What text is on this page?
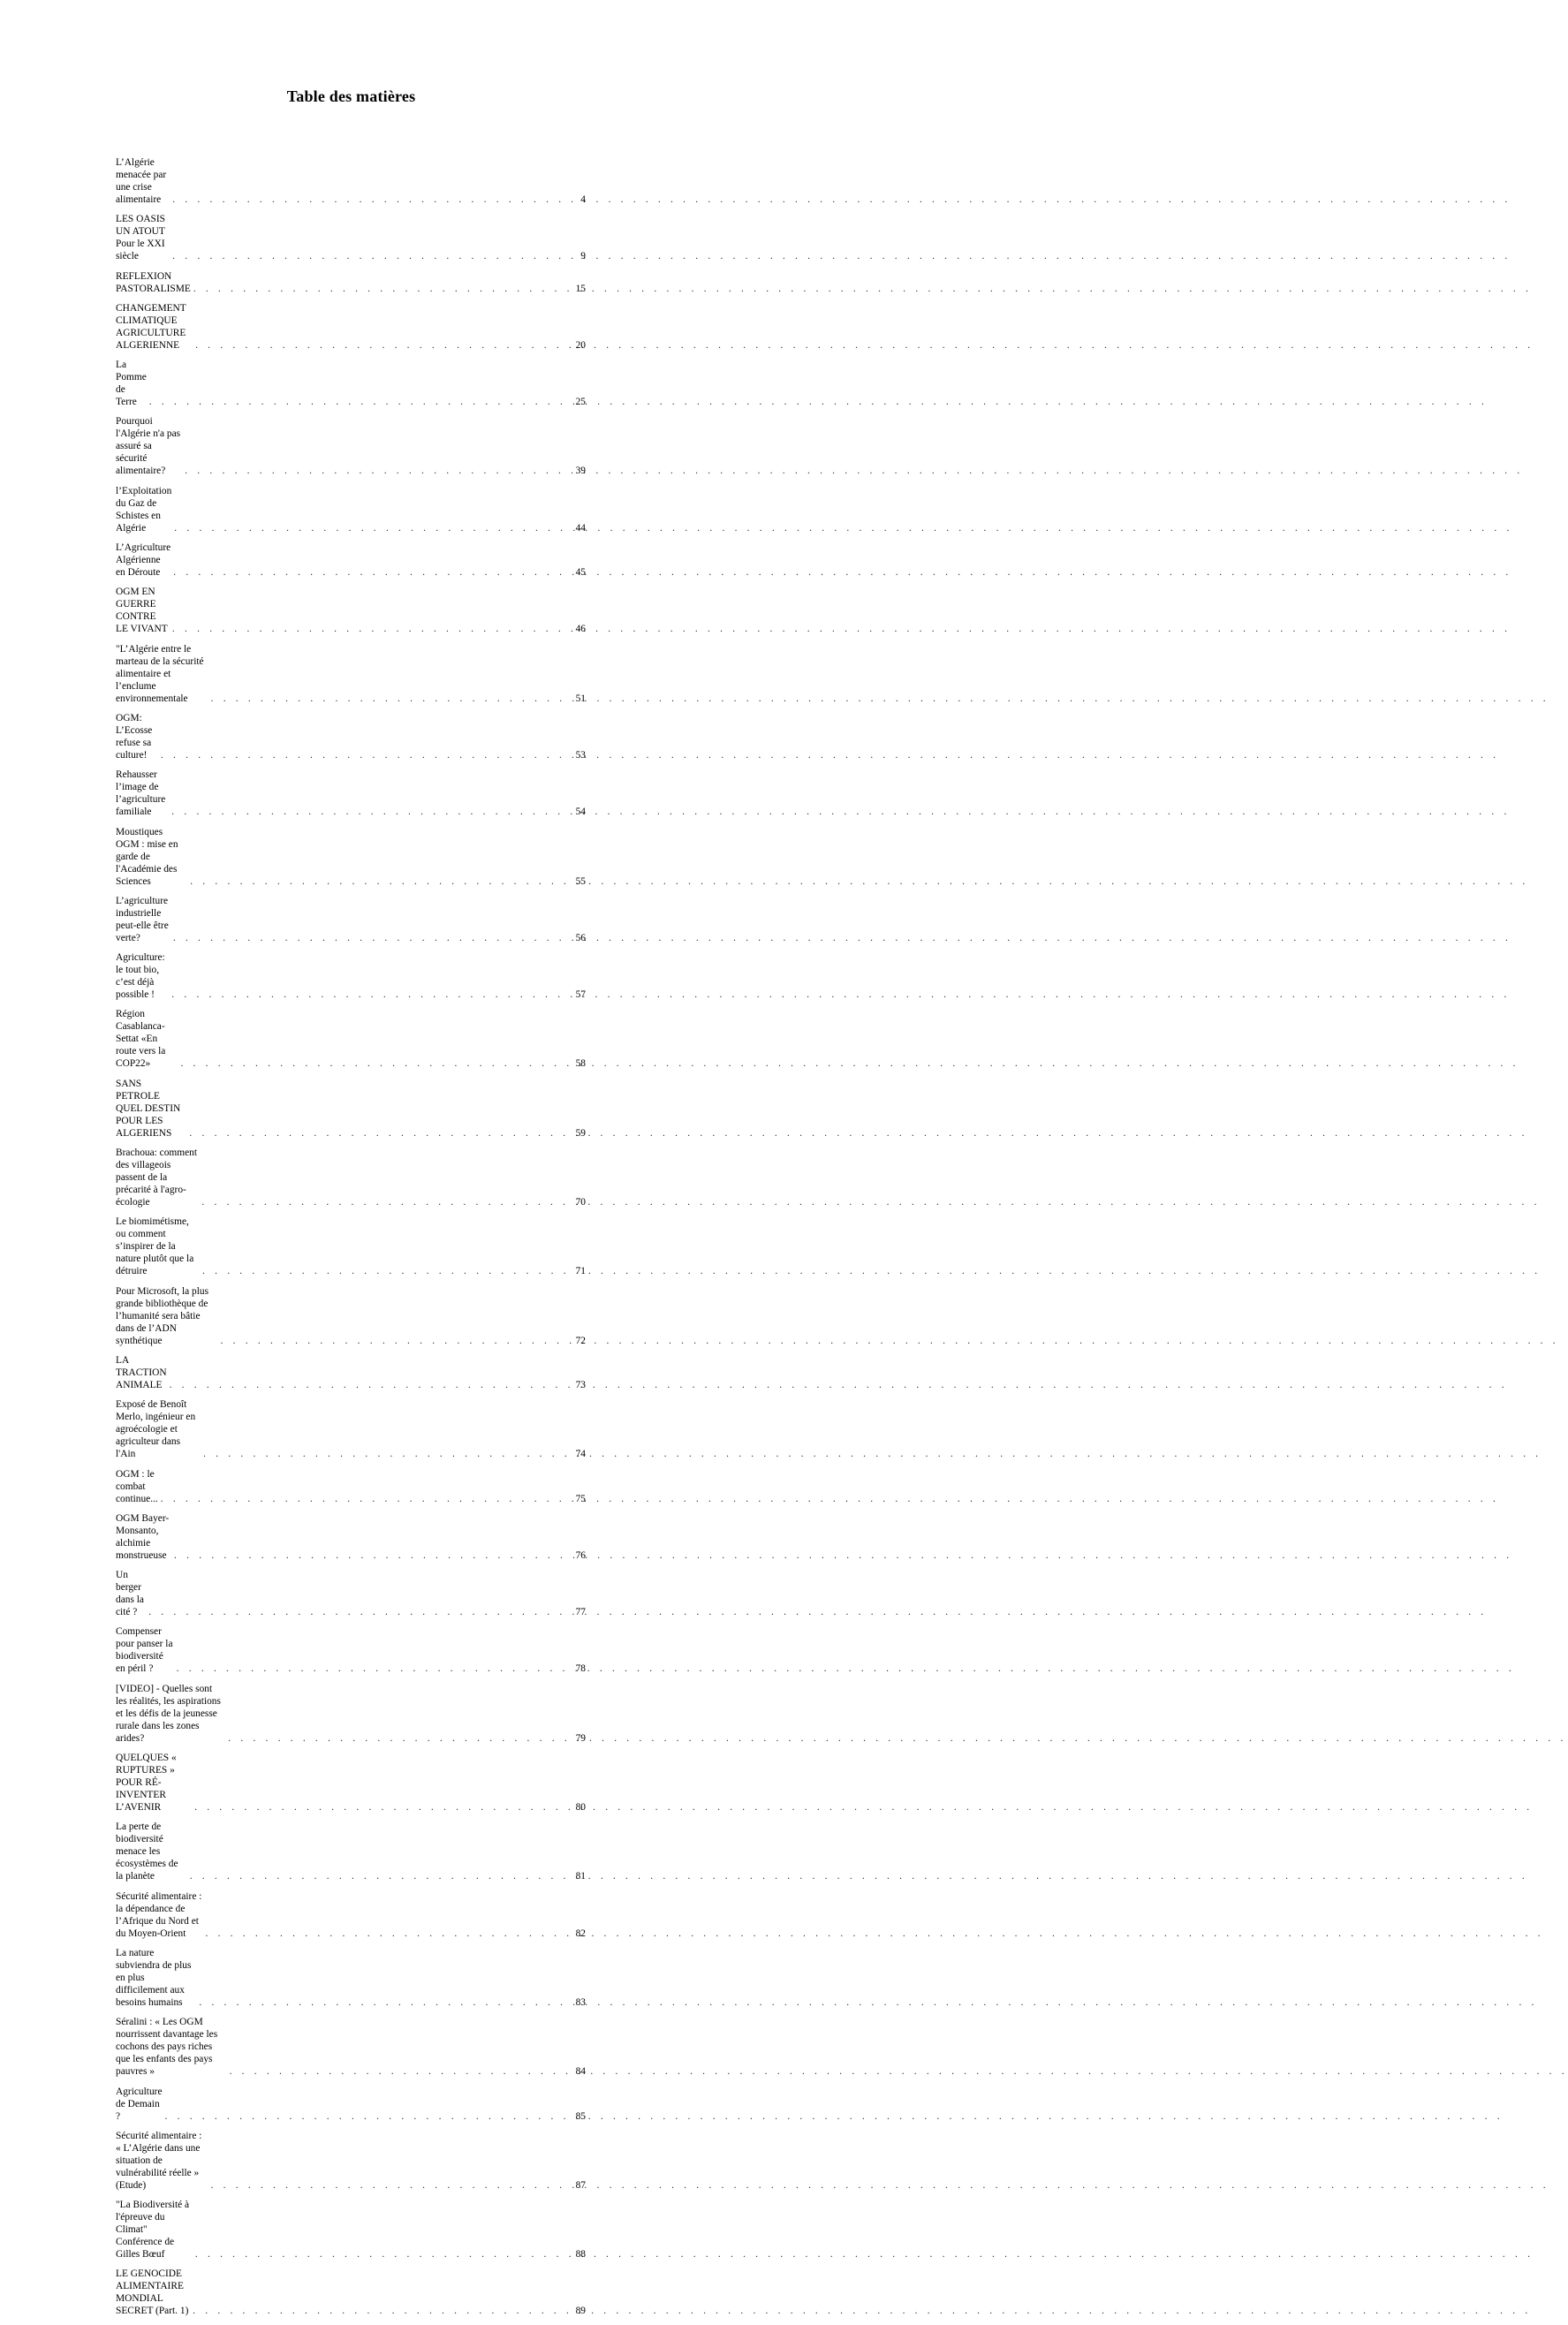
Table des matières
L’Algérie menacée par une crise alimentaire . . .	4
LES OASIS UN ATOUT Pour le XXI siècle . . .	9
REFLEXION PASTORALISME . . .	15
CHANGEMENT CLIMATIQUE AGRICULTURE ALGERIENNE . . .	20
La Pomme de Terre . . .	25
Pourquoi l'Algérie n'a pas assuré sa sécurité alimentaire? . . .	39
l’Exploitation du Gaz de Schistes en Algérie . . .	44
L’Agriculture Algérienne en Déroute . . .	45
OGM EN GUERRE CONTRE LE VIVANT . . .	46
"L’Algérie entre le marteau de la sécurité alimentaire et l’enclume environnementale . . .	51
OGM: L’Ecosse refuse sa culture! . . .	53
Rehausser l’image de l’agriculture familiale . . .	54
Moustiques OGM : mise en garde de l'Académie des Sciences . . .	55
L’agriculture industrielle peut-elle être verte? . . .	56
Agriculture: le tout bio, c’est déjà possible ! . . .	57
Région Casablanca-Settat «En route vers la COP22» . . .	58
SANS PETROLE QUEL DESTIN POUR LES ALGERIENS . . .	59
Brachoua: comment des villageois passent de la précarité à l'agro-écologie . . .	70
Le biomimétisme, ou comment s’inspirer de la nature plutôt que la détruire . . .	71
Pour Microsoft, la plus grande bibliothèque de l’humanité sera bâtie dans de l’ADN synthétique . . .	72
LA TRACTION ANIMALE . . .	73
Exposé de Benoît Merlo, ingénieur en agroécologie et agriculteur dans l'Ain . . .	74
OGM : le combat continue... . . .	75
OGM Bayer-Monsanto, alchimie monstrueuse . . .	76
Un berger dans la cité ? . . .	77
Compenser pour panser la biodiversité en péril ? . . .	78
[VIDEO] - Quelles sont les réalités, les aspirations et les défis de la jeunesse rurale dans les zones arides? . . .	79
QUELQUES « RUPTURES » POUR RÉ-INVENTER L’AVENIR . . .	80
La perte de biodiversité menace les écosystèmes de la planète . . .	81
Sécurité alimentaire : la dépendance de l’Afrique du Nord et du Moyen-Orient . . .	82
La nature subviendra de plus en plus difficilement aux besoins humains . . .	83
Séralini : « Les OGM nourrissent davantage les cochons des pays riches que les enfants des pays pauvres » . . .	84
Agriculture de Demain ? . . .	85
Sécurité alimentaire : « L’Algérie dans une situation de vulnérabilité réelle » (Etude) . . .	87
"La Biodiversité à l'épreuve du Climat" Conférence de Gilles Bœuf . . .	88
LE GENOCIDE ALIMENTAIRE MONDIAL SECRET (Part. 1) . . .	89
